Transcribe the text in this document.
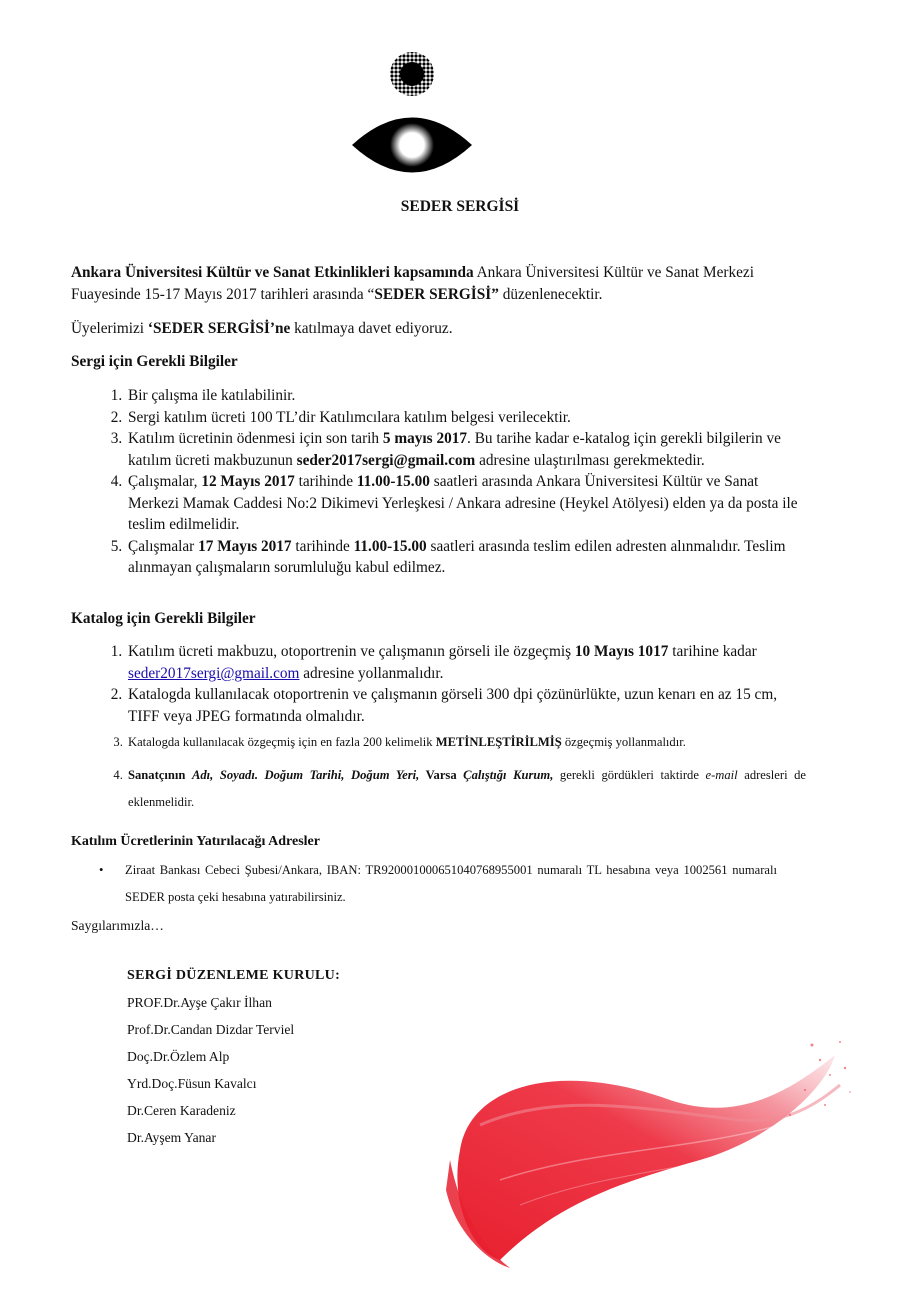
SEDER SERGİSİ
Ankara Üniversitesi Kültür ve Sanat Etkinlikleri kapsamında Ankara Üniversitesi Kültür ve Sanat Merkezi Fuayesinde 15-17 Mayıs 2017 tarihleri arasında “SEDER SERGİSİ” düzenlenecektir.
Üyelerimizi ‘SEDER SERGİSİ’ne katılmaya davet ediyoruz.
Sergi için Gerekli Bilgiler
1. Bir çalışma ile katılabilinir.
2. Sergi katılım ücreti 100 TL’dir Katılımcılara katılım belgesi verilecektir.
3. Katılım ücretinin ödenmesi için son tarih 5 mayıs 2017. Bu tarihe kadar e-katalog için gerekli bilgilerin ve katılım ücreti makbuzunun seder2017sergi@gmail.com adresine ulaştırılması gerekmektedir.
4. Çalışmalar, 12 Mayıs 2017 tarihinde 11.00-15.00 saatleri arasında Ankara Üniversitesi Kültür ve Sanat Merkezi Mamak Caddesi No:2 Dikimevi Yerleşkesi / Ankara adresine (Heykel Atölyesi) elden ya da posta ile teslim edilmelidir.
5. Çalışmalar 17 Mayıs 2017 tarihinde 11.00-15.00 saatleri arasında teslim edilen adresten alınmalıdır. Teslim alınmayan çalışmaların sorumluluğu kabul edilmez.
Katalog için Gerekli Bilgiler
1. Katılım ücreti makbuzu, otoportrenin ve çalışmanın görseli ile özgeçmiş 10 Mayıs 1017 tarihine kadar seder2017sergi@gmail.com adresine yollanmalıdır.
2. Katalogda kullanılacak otoportrenin ve çalışmanın görseli 300 dpi çözünürlükte, uzun kenarı en az 15 cm, TIFF veya JPEG formatında olmalıdır.
3. Katalogda kullanılacak özgeçmiş için en fazla 200 kelimelik METİNLEŞTİRİLMİŞ özgeçmiş yollanmalıdır.
4. Sanatçının Adı, Soyadı. Doğum Tarihi, Doğum Yeri, Varsa Çalıştığı Kurum, gerekli gördükleri taktirde e-mail adresleri de eklenmelidir.
Katılım Ücretlerinin Yatırılacağı Adresler
• Ziraat Bankası Cebeci Şubesi/Ankara, IBAN: TR920001000651040768955001 numaralı TL hesabına veya 1002561 numaralı SEDER posta çeki hesabına yatırabilirsiniz.
Saygılarımızla…
SERGİ DÜZENLEME KURULU:
PROF.Dr.Ayşe Çakır İlhan
Prof.Dr.Candan Dizdar Terviel
Doç.Dr.Özlem Alp
Yrd.Doç.Füsun Kavalcı
Dr.Ceren Karadeniz
Dr.Ayşem Yanar
